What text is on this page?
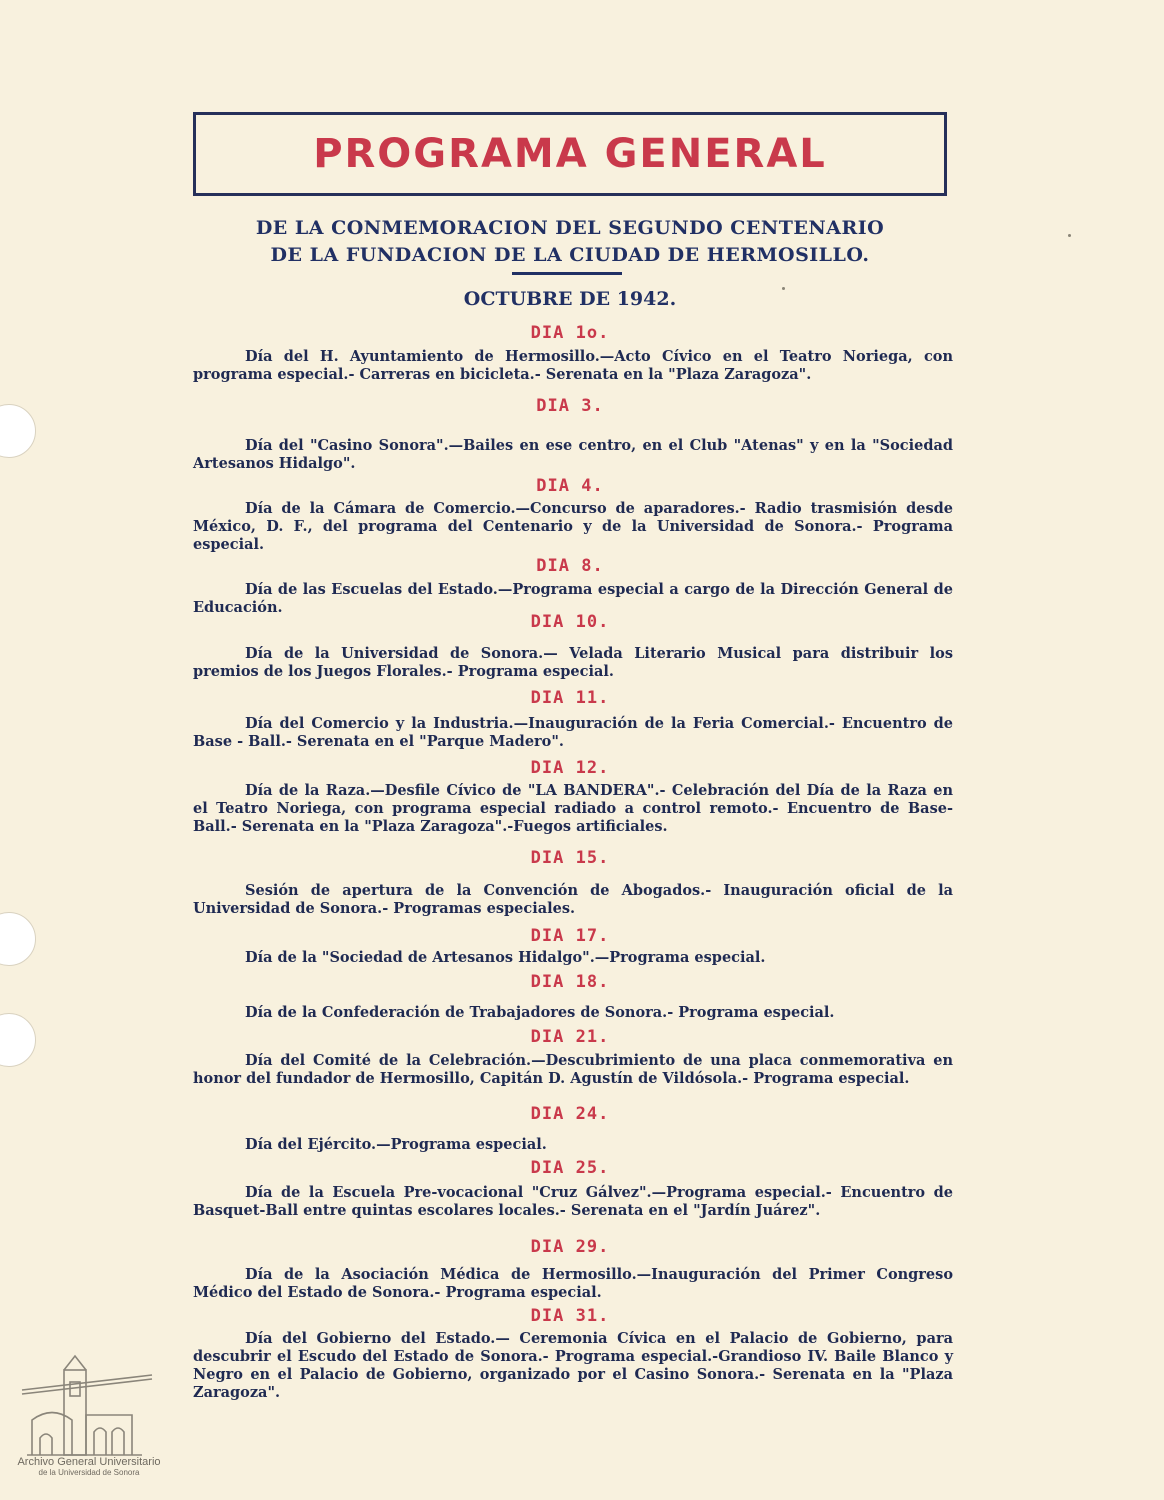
PROGRAMA GENERAL
DE LA CONMEMORACION DEL SEGUNDO CENTENARIO
DE LA FUNDACION DE LA CIUDAD DE HERMOSILLO.
OCTUBRE DE 1942.
DIA 1o.
Día del H. Ayuntamiento de Hermosillo.—Acto Cívico en el Teatro Noriega, con programa especial.- Carreras en bicicleta.- Serenata en la "Plaza Zaragoza".
DIA 3.
Día del "Casino Sonora".—Bailes en ese centro, en el Club "Atenas" y en la "Sociedad Artesanos Hidalgo".
DIA 4.
Día de la Cámara de Comercio.—Concurso de aparadores.- Radio trasmisión desde México, D. F., del programa del Centenario y de la Universidad de Sonora.- Programa especial.
DIA 8.
Día de las Escuelas del Estado.—Programa especial a cargo de la Dirección General de Educación.
DIA 10.
Día de la Universidad de Sonora.— Velada Literario Musical para distribuir los premios de los Juegos Florales.- Programa especial.
DIA 11.
Día del Comercio y la Industria.—Inauguración de la Feria Comercial.- Encuentro de Base - Ball.- Serenata en el "Parque Madero".
DIA 12.
Día de la Raza.—Desfile Cívico de "LA BANDERA".- Celebración del Día de la Raza en el Teatro Noriega, con programa especial radiado a control remoto.- Encuentro de Base-Ball.- Serenata en la "Plaza Zaragoza".-Fuegos artificiales.
DIA 15.
Sesión de apertura de la Convención de Abogados.- Inauguración oficial de la Universidad de Sonora.- Programas especiales.
DIA 17.
Día de la "Sociedad de Artesanos Hidalgo".—Programa especial.
DIA 18.
Día de la Confederación de Trabajadores de Sonora.- Programa especial.
DIA 21.
Día del Comité de la Celebración.—Descubrimiento de una placa conmemorativa en honor del fundador de Hermosillo, Capitán D. Agustín de Vildósola.- Programa especial.
DIA 24.
Día del Ejército.—Programa especial.
DIA 25.
Día de la Escuela Pre-vocacional "Cruz Gálvez".—Programa especial.- Encuentro de Basquet-Ball entre quintas escolares locales.- Serenata en el "Jardín Juárez".
DIA 29.
Día de la Asociación Médica de Hermosillo.—Inauguración del Primer Congreso Médico del Estado de Sonora.- Programa especial.
DIA 31.
Día del Gobierno del Estado.— Ceremonia Cívica en el Palacio de Gobierno, para descubrir el Escudo del Estado de Sonora.- Programa especial.-Grandioso IV. Baile Blanco y Negro en el Palacio de Gobierno, organizado por el Casino Sonora.- Serenata en la "Plaza Zaragoza".
Archivo General Universitario
de la Universidad de Sonora
